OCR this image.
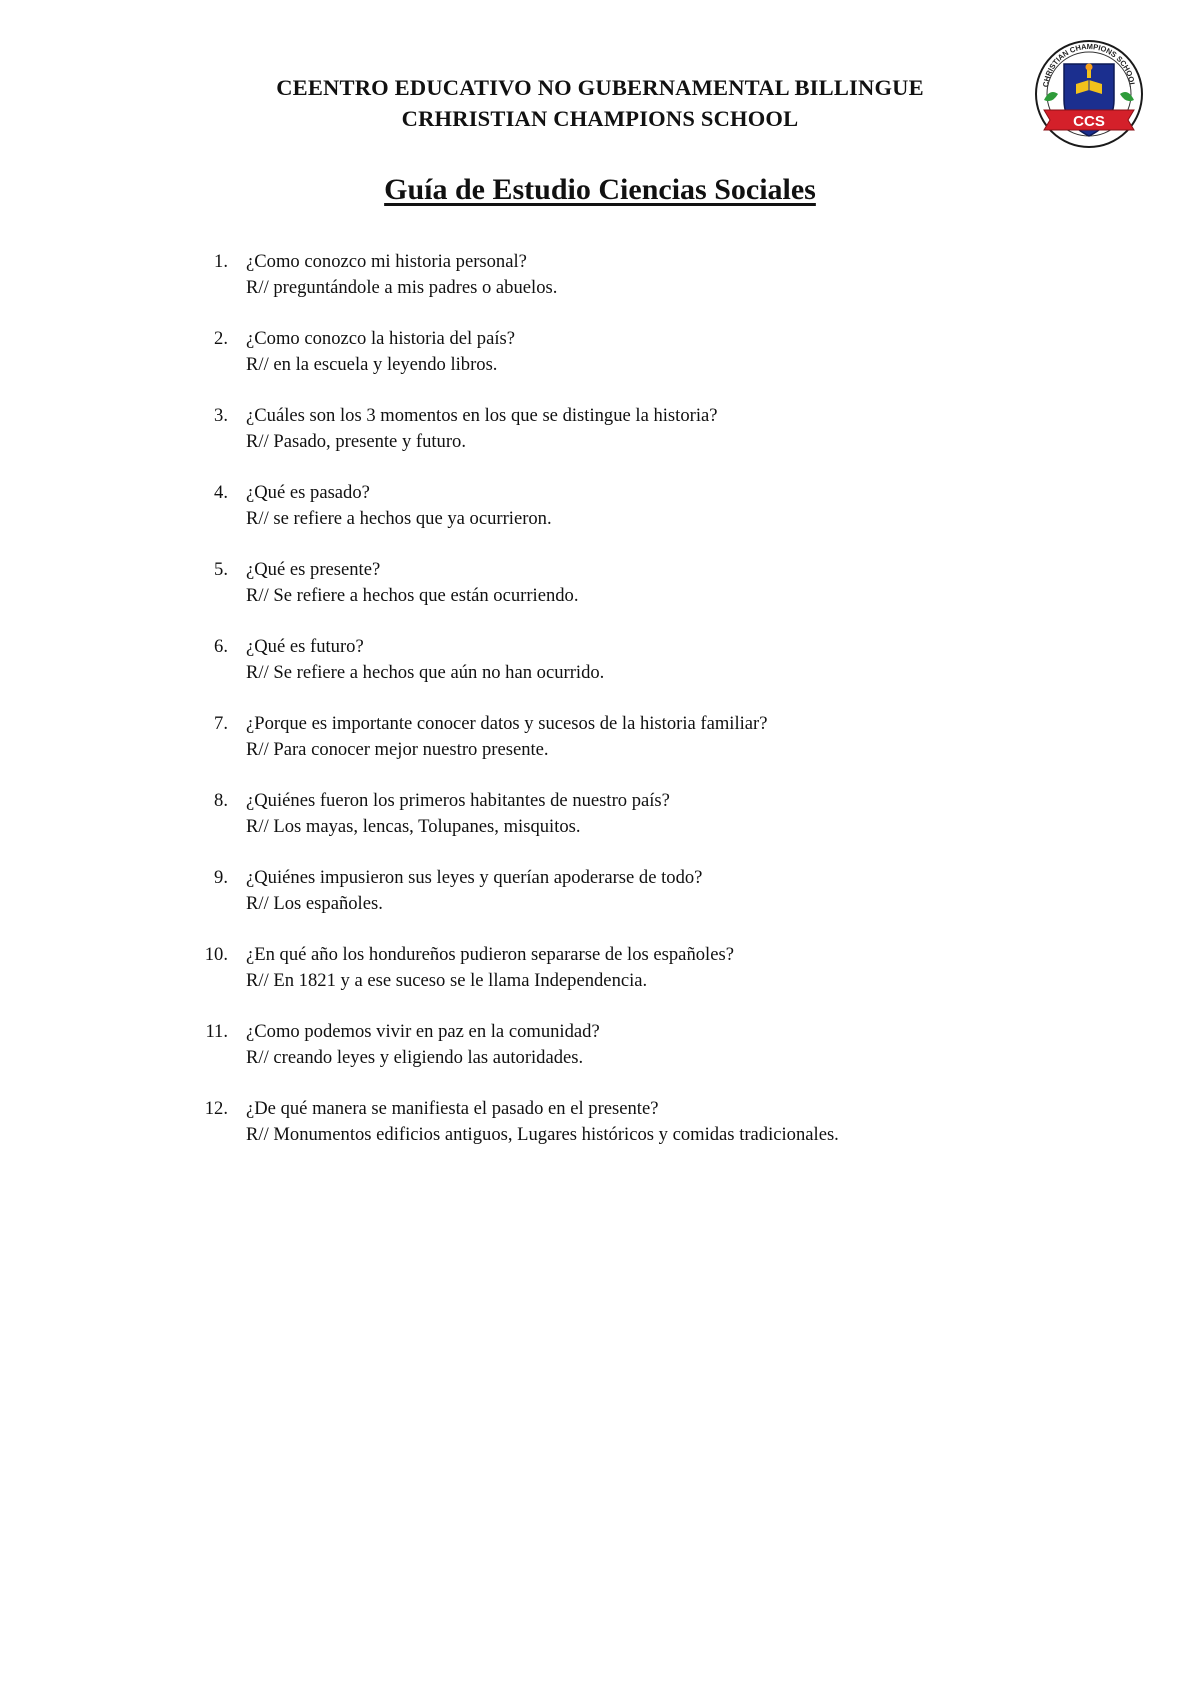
CEENTRO EDUCATIVO NO GUBERNAMENTAL BILLINGUE
CRHRISTIAN CHAMPIONS SCHOOL
CHRISTIAN CHAMPIONS SCHOOL
CCS
Guía de Estudio Ciencias Sociales
1. ¿Como conozco mi historia personal?
R// preguntándole a mis padres o abuelos.
2. ¿Como conozco la historia del país?
R// en la escuela y leyendo libros.
3. ¿Cuáles son los 3 momentos en los que se distingue la historia?
R// Pasado, presente y futuro.
4. ¿Qué es pasado?
R// se refiere a hechos que ya ocurrieron.
5. ¿Qué es presente?
R// Se refiere a hechos que están ocurriendo.
6. ¿Qué es futuro?
R// Se refiere a hechos que aún no han ocurrido.
7. ¿Porque es importante conocer datos y sucesos de la historia familiar?
R// Para conocer mejor nuestro presente.
8. ¿Quiénes fueron los primeros habitantes de nuestro país?
R// Los mayas, lencas, Tolupanes, misquitos.
9. ¿Quiénes impusieron sus leyes y querían apoderarse de todo?
R// Los españoles.
10. ¿En qué año los hondureños pudieron separarse de los españoles?
R// En 1821 y a ese suceso se le llama Independencia.
11. ¿Como podemos vivir en paz en la comunidad?
R// creando leyes y eligiendo las autoridades.
12. ¿De qué manera se manifiesta el pasado en el presente?
R// Monumentos edificios antiguos, Lugares históricos y comidas tradicionales.
